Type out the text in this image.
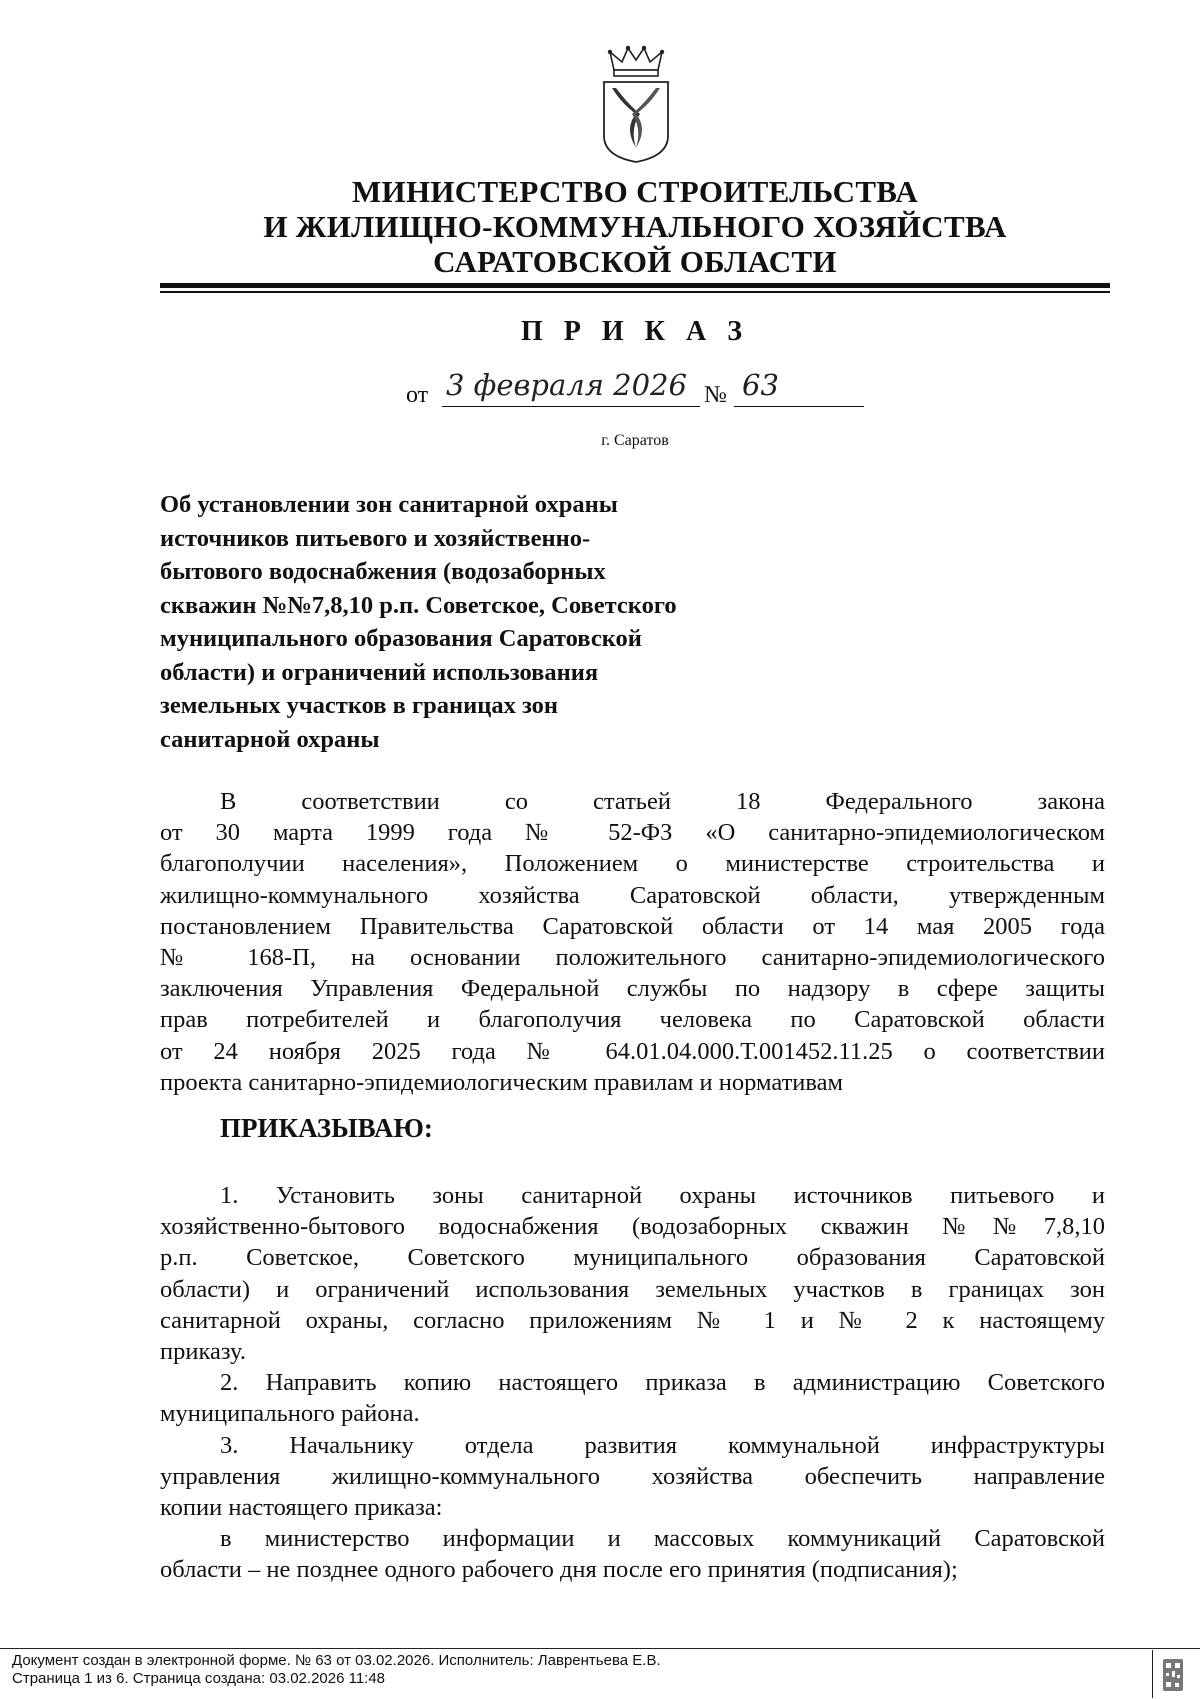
МИНИСТЕРСТВО СТРОИТЕЛЬСТВА
И ЖИЛИЩНО-КОММУНАЛЬНОГО ХОЗЯЙСТВА
САРАТОВСКОЙ ОБЛАСТИ
П Р И К А З
от 3 февраля 2026 № 63
г. Саратов
Об установлении зон санитарной охраны
источников питьевого и хозяйственно-
бытового водоснабжения (водозаборных
скважин №№7,8,10 р.п. Советское, Советского
муниципального образования Саратовской
области) и ограничений использования
земельных участков в границах зон
санитарной охраны
В соответствии со статьей 18 Федерального закона
от 30 марта 1999 года № 52-ФЗ «О санитарно-эпидемиологическом
благополучии населения», Положением о министерстве строительства и
жилищно-коммунального хозяйства Саратовской области, утвержденным
постановлением Правительства Саратовской области от 14 мая 2005 года
№ 168-П, на основании положительного санитарно-эпидемиологического
заключения Управления Федеральной службы по надзору в сфере защиты
прав потребителей и благополучия человека по Саратовской области
от 24 ноября 2025 года № 64.01.04.000.Т.001452.11.25 о соответствии
проекта санитарно-эпидемиологическим правилам и нормативам
ПРИКАЗЫВАЮ:
1. Установить зоны санитарной охраны источников питьевого и
хозяйственно-бытового водоснабжения (водозаборных скважин №№7,8,10
р.п. Советское, Советского муниципального образования Саратовской
области) и ограничений использования земельных участков в границах зон
санитарной охраны, согласно приложениям № 1 и № 2 к настоящему
приказу.
2. Направить копию настоящего приказа в администрацию Советского
муниципального района.
3. Начальнику отдела развития коммунальной инфраструктуры
управления жилищно-коммунального хозяйства обеспечить направление
копии настоящего приказа:
в министерство информации и массовых коммуникаций Саратовской
области – не позднее одного рабочего дня после его принятия (подписания);
Документ создан в электронной форме. № 63 от 03.02.2026. Исполнитель: Лаврентьева Е.В.
Страница 1 из 6. Страница создана: 03.02.2026 11:48
